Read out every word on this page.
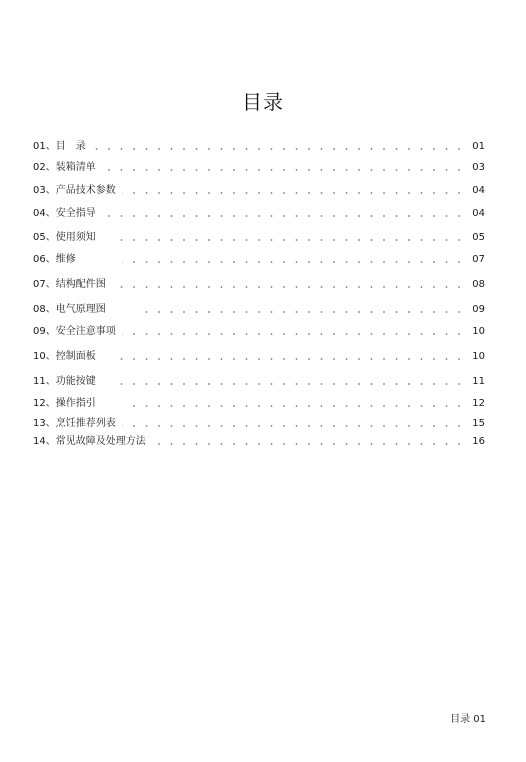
目录
01、目　录	01
02、装箱清单	03
03、产品技术参数	04
04、安全指导	04
05、使用须知	05
06、维修	07
07、结构配件图	08
08、电气原理图	09
09、安全注意事项	10
10、控制面板	10
11、功能按键	11
12、操作指引	12
13、烹饪推荐列表	15
14、常见故障及处理方法	16
目录 01
